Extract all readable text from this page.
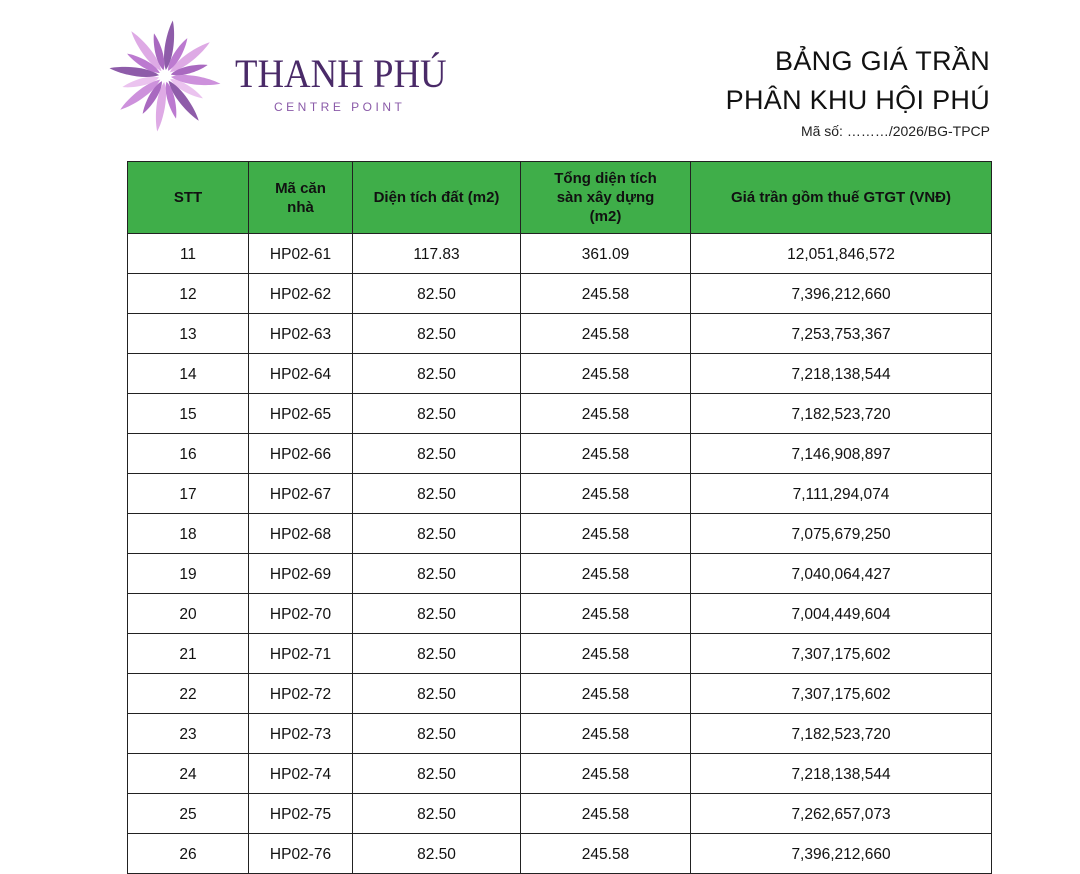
THANH PHÚ
CENTRE POINT
BẢNG GIÁ TRẦN
PHÂN KHU HỘI PHÚ
Mã số: ………/2026/BG-TPCP
STT	Mã căn nhà	Diện tích đất (m2)	Tổng diện tích sàn xây dựng (m2)	Giá trần gồm thuế GTGT (VNĐ)
11	HP02-61	117.83	361.09	12,051,846,572
12	HP02-62	82.50	245.58	7,396,212,660
13	HP02-63	82.50	245.58	7,253,753,367
14	HP02-64	82.50	245.58	7,218,138,544
15	HP02-65	82.50	245.58	7,182,523,720
16	HP02-66	82.50	245.58	7,146,908,897
17	HP02-67	82.50	245.58	7,111,294,074
18	HP02-68	82.50	245.58	7,075,679,250
19	HP02-69	82.50	245.58	7,040,064,427
20	HP02-70	82.50	245.58	7,004,449,604
21	HP02-71	82.50	245.58	7,307,175,602
22	HP02-72	82.50	245.58	7,307,175,602
23	HP02-73	82.50	245.58	7,182,523,720
24	HP02-74	82.50	245.58	7,218,138,544
25	HP02-75	82.50	245.58	7,262,657,073
26	HP02-76	82.50	245.58	7,396,212,660
